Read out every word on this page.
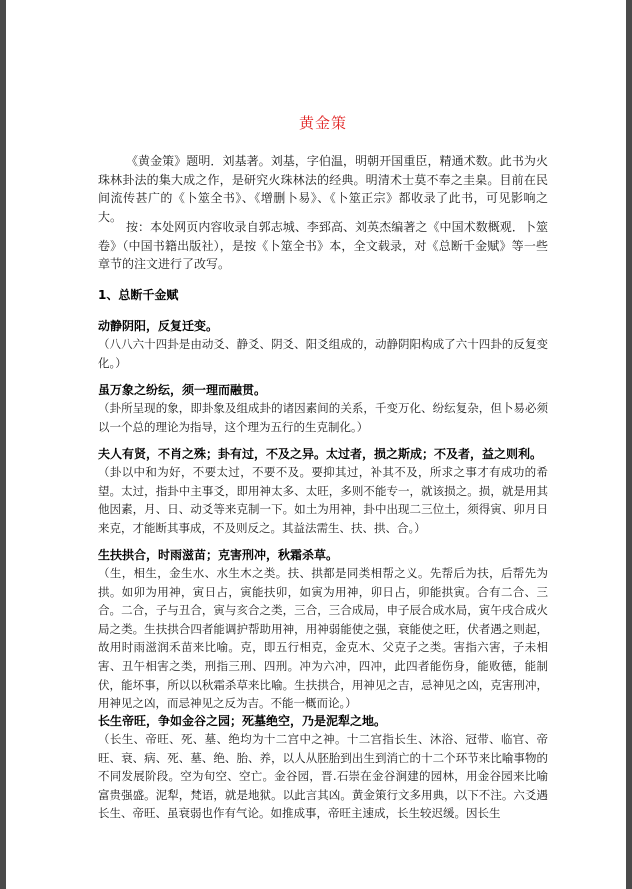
黄金策

《黄金策》题明．刘基著。刘基，字伯温，明朝开国重臣，精通术数。此书为火珠林卦法的集大成之作，是研究火珠林法的经典。明清术士莫不奉之圭臬。目前在民间流传甚广的《卜筮全书》、《增删卜易》、《卜筮正宗》都收录了此书，可见影响之大。

按：本处网页内容收录自郭志城、李郅高、刘英杰编著之《中国术数概观．卜筮卷》（中国书籍出版社），是按《卜筮全书》本，全文载录，对《总断千金赋》等一些章节的注文进行了改写。

1、总断千金赋
动静阴阳，反复迁变。

（八八六十四卦是由动爻、静爻、阴爻、阳爻组成的，动静阴阳构成了六十四卦的反复变化。）

虽万象之纷纭，须一理而融贯。

（卦所呈现的象，即卦象及组成卦的诸因素间的关系，千变万化、纷纭复杂，但卜易必须以一个总的理论为指导，这个理为五行的生克制化。）

夫人有贤，不肖之殊；卦有过，不及之异。太过者，损之斯成；不及者，益之则利。

（卦以中和为好，不要太过，不要不及。要抑其过，补其不及，所求之事才有成功的希望。太过，指卦中主事爻，即用神太多、太旺，多则不能专一，就该损之。损，就是用其他因素，月、日、动爻等来克制一下。如土为用神，卦中出现二三位土，须得寅、卯月日来克，才能断其事成，不及则反之。其益法需生、扶、拱、合。）

生扶拱合，时雨滋苗；克害刑冲，秋霜杀草。

（生，相生，金生水、水生木之类。扶、拱都是同类相帮之义。先帮后为扶，后帮先为拱。如卯为用神，寅日占，寅能扶卯，如寅为用神，卯日占，卯能拱寅。合有二合、三合。二合，子与丑合，寅与亥合之类，三合，三合成局，申子辰合成水局，寅午戌合成火局之类。生扶拱合四者能调护帮助用神，用神弱能使之强，衰能使之旺，伏者遇之则起，故用时雨滋润禾苗来比喻。克，即五行相克，金克木、父克子之类。害指六害，子未相害、丑午相害之类，刑指三刑、四刑。冲为六冲，四冲，此四者能伤身，能败德，能制伏，能坏事，所以以秋霜杀草来比喻。生扶拱合，用神见之吉，忌神见之凶，克害刑冲，用神见之凶，而忌神见之反为吉。不能一概而论。）

长生帝旺，争如金谷之园；死墓绝空，乃是泥犁之地。

（长生、帝旺、死、墓、绝均为十二宫中之神。十二宫指长生、沐浴、冠带、临官、帝旺、衰、病、死、墓、绝、胎、养，以人从胚胎到出生到消亡的十二个环节来比喻事物的不同发展阶段。空为旬空、空亡。金谷园，晋.石崇在金谷涧建的园林，用金谷园来比喻富贵强盛。泥犁，梵语，就是地狱。以此言其凶。黄金策行文多用典，以下不注。六爻遇长生、帝旺、虽衰弱也作有气论。如推成事，帝旺主速成，长生较迟缓。因长生
